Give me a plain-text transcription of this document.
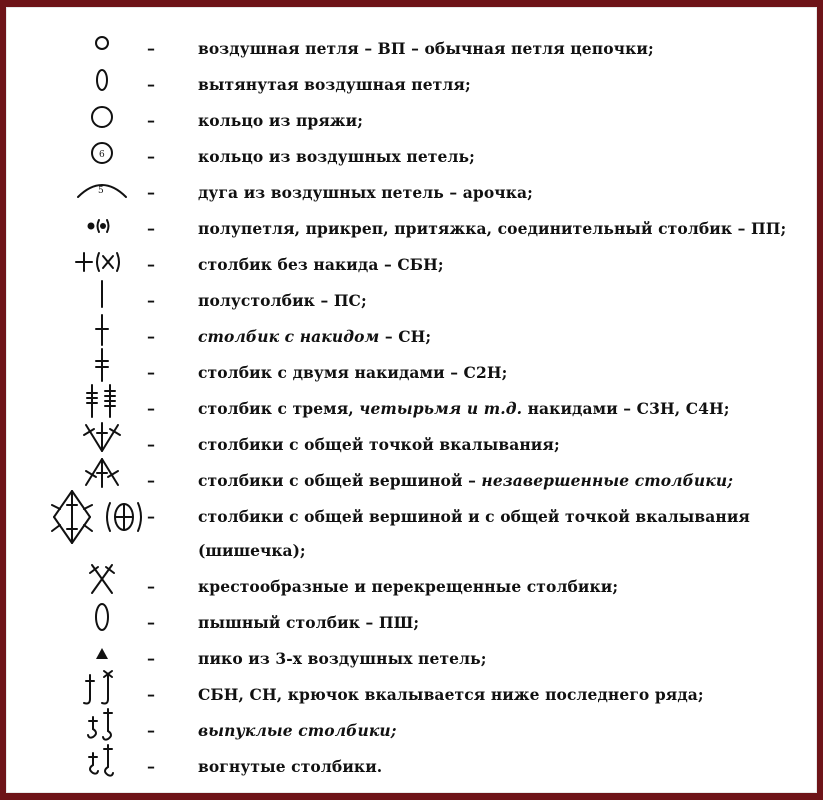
–	воздушная петля – ВП – обычная петля цепочки;
–	вытянутая воздушная петля;
–	кольцо из пряжи;
6	–	кольцо из воздушных петель;
5	–	дуга из воздушных петель – арочка;
–	полупетля, прикреп, притяжка, соединительный столбик – ПП;
–	столбик без накида – СБН;
–	полустолбик – ПС;
–	столбик с накидом – СН;
–	столбик с двумя накидами – С2Н;
–	столбик с тремя, четырьмя и т.д. накидами – С3Н, С4Н;
–	столбики с общей точкой вкалывания;
–	столбики с общей вершиной – незавершенные столбики;
–	столбики с общей вершиной и с общей точкой вкалывания
(шишечка);
–	крестообразные и перекрещенные столбики;
–	пышный столбик – ПШ;
–	пико из 3-х воздушных петель;
–	СБН, СН, крючок вкалывается ниже последнего ряда;
–	выпуклые столбики;
–	вогнутые столбики.
